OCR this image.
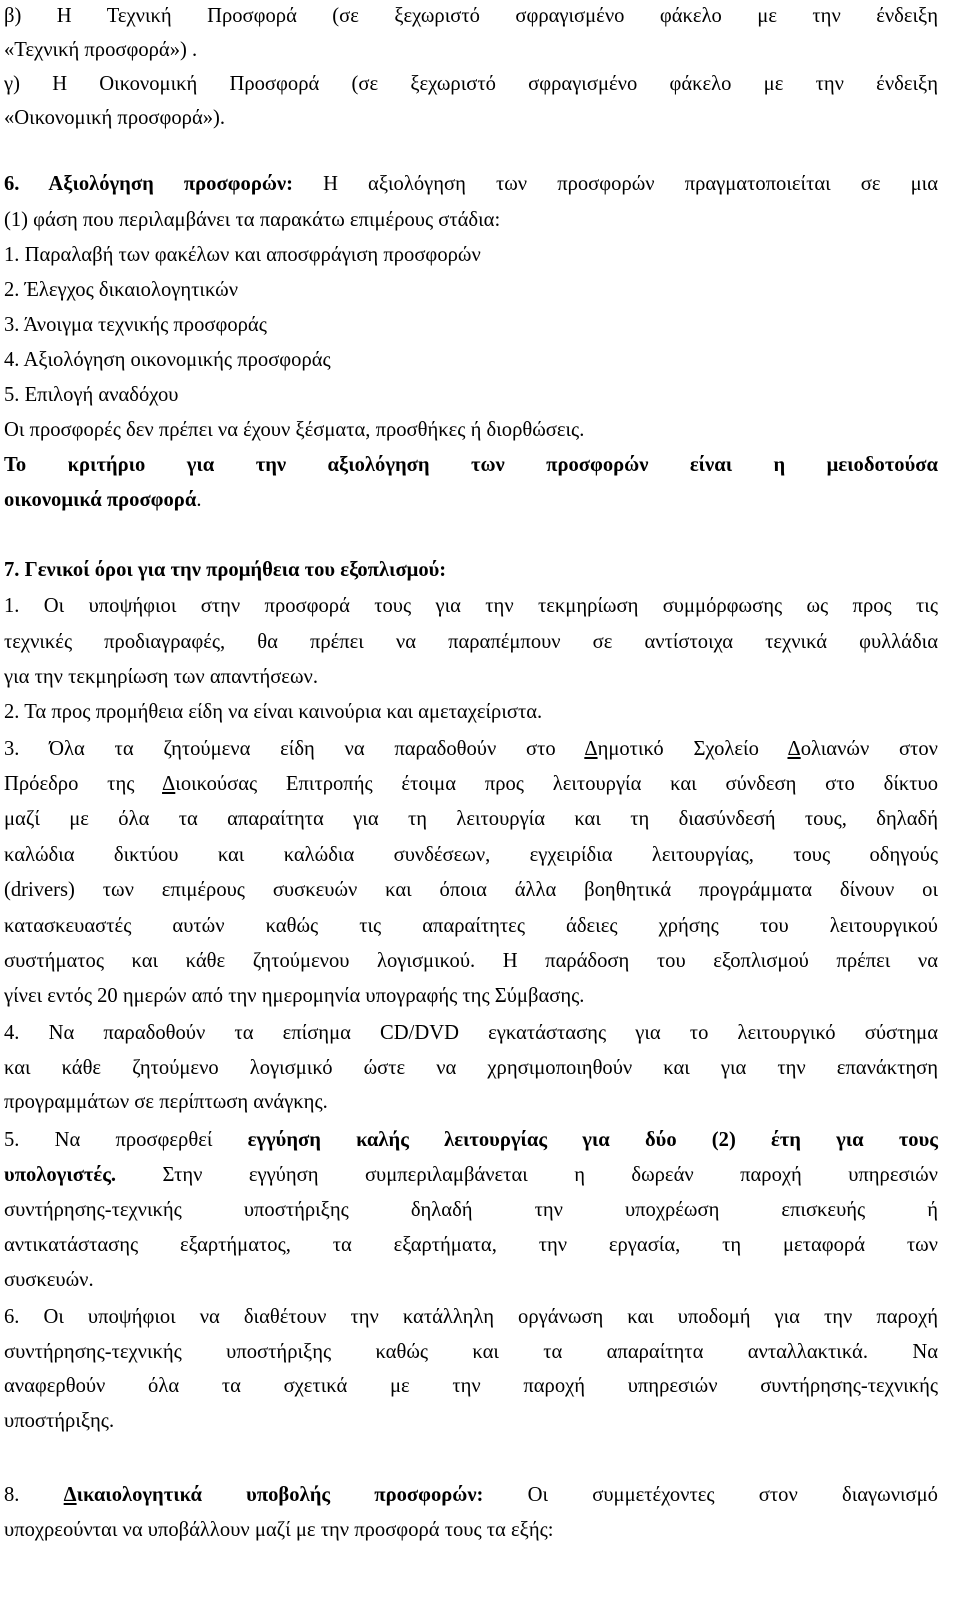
β) Η Τεχνική Προσφορά (σε ξεχωριστό σφραγισμένο φάκελο με την ένδειξη
«Τεχνική προσφορά») .
γ) Η Οικονομική Προσφορά (σε ξεχωριστό σφραγισμένο φάκελο με την ένδειξη
«Οικονομική προσφορά»).
6. Αξιολόγηση προσφορών: Η αξιολόγηση των προσφορών πραγματοποιείται σε μια
(1) φάση που περιλαμβάνει τα παρακάτω επιμέρους στάδια:
1. Παραλαβή των φακέλων και αποσφράγιση προσφορών
2. Έλεγχος δικαιολογητικών
3. Άνοιγμα τεχνικής προσφοράς
4. Αξιολόγηση οικονομικής προσφοράς
5. Επιλογή αναδόχου
Οι προσφορές δεν πρέπει να έχουν ξέσματα, προσθήκες ή διορθώσεις.
Το κριτήριο για την αξιολόγηση των προσφορών είναι η μειοδοτούσα
οικονομικά προσφορά.
7. Γενικοί όροι για την προμήθεια του εξοπλισμού:
1. Οι υποψήφιοι στην προσφορά τους για την τεκμηρίωση συμμόρφωσης ως προς τις
τεχνικές προδιαγραφές, θα πρέπει να παραπέμπουν σε αντίστοιχα τεχνικά φυλλάδια
για την τεκμηρίωση των απαντήσεων.
2. Τα προς προμήθεια είδη να είναι καινούρια και αμεταχείριστα.
3. Όλα τα ζητούμενα είδη να παραδοθούν στο Δημοτικό Σχολείο Δολιανών στον
Πρόεδρο της Διοικούσας Επιτροπής έτοιμα προς λειτουργία και σύνδεση στο δίκτυο
μαζί με όλα τα απαραίτητα για τη λειτουργία και τη διασύνδεσή τους, δηλαδή
καλώδια δικτύου και καλώδια συνδέσεων, εγχειρίδια λειτουργίας, τους οδηγούς
(drivers) των επιμέρους συσκευών και όποια άλλα βοηθητικά προγράμματα δίνουν οι
κατασκευαστές αυτών καθώς τις απαραίτητες άδειες χρήσης του λειτουργικού
συστήματος και κάθε ζητούμενου λογισμικού. Η παράδοση του εξοπλισμού πρέπει να
γίνει εντός 20 ημερών από την ημερομηνία υπογραφής της Σύμβασης.
4. Να παραδοθούν τα επίσημα CD/DVD εγκατάστασης για το λειτουργικό σύστημα
και κάθε ζητούμενο λογισμικό ώστε να χρησιμοποιηθούν και για την επανάκτηση
προγραμμάτων σε περίπτωση ανάγκης.
5. Να προσφερθεί εγγύηση καλής λειτουργίας για δύο (2) έτη για τους
υπολογιστές. Στην εγγύηση συμπεριλαμβάνεται η δωρεάν παροχή υπηρεσιών
συντήρησης-τεχνικής υποστήριξης δηλαδή την υποχρέωση επισκευής ή
αντικατάστασης εξαρτήματος, τα εξαρτήματα, την εργασία, τη μεταφορά των
συσκευών.
6. Οι υποψήφιοι να διαθέτουν την κατάλληλη οργάνωση και υποδομή για την παροχή
συντήρησης-τεχνικής υποστήριξης καθώς και τα απαραίτητα ανταλλακτικά. Να
αναφερθούν όλα τα σχετικά με την παροχή υπηρεσιών συντήρησης-τεχνικής
υποστήριξης.
8. Δικαιολογητικά υποβολής προσφορών: Οι συμμετέχοντες στον διαγωνισμό
υποχρεούνται να υποβάλλουν μαζί με την προσφορά τους τα εξής:
